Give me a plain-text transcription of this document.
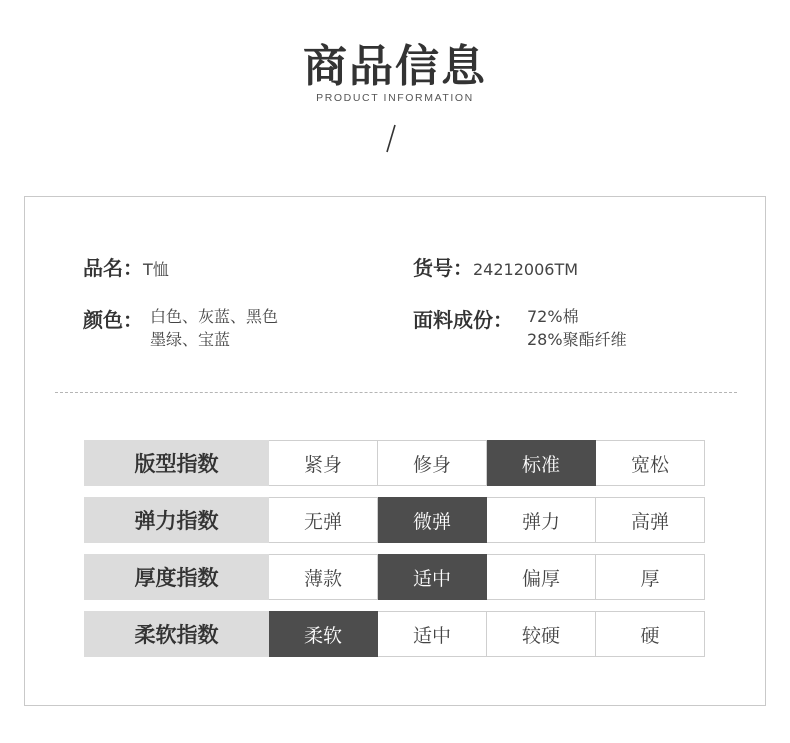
商品信息
PRODUCT INFORMATION
品名：T恤	货号：24212006TM
颜色： 白色、灰蓝、黑色
墨绿、宝蓝
面料成份： 72%棉
28%聚酯纤维
版型指数	紧身	修身	标准	宽松

弹力指数	无弹	微弹	弹力	高弹

厚度指数	薄款	适中	偏厚	厚

柔软指数	柔软	适中	较硬	硬
